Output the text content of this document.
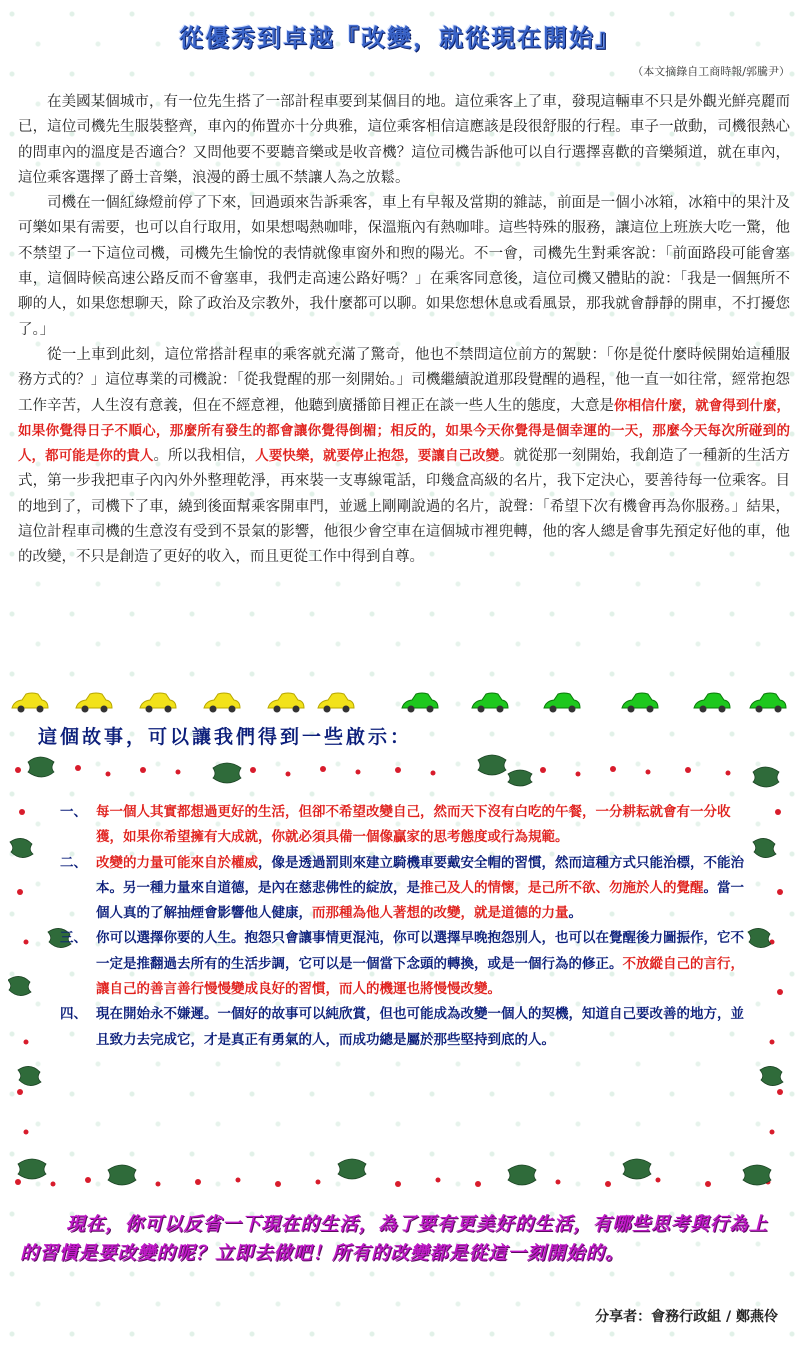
從優秀到卓越『改變，就從現在開始』
（本文摘錄自工商時報/郭騰尹）

在美國某個城市，有一位先生搭了一部計程車要到某個目的地。這位乘客上了車，發現這輛車不只是外觀光鮮亮麗而已，這位司機先生服裝整齊，車內的佈置亦十分典雅，這位乘客相信這應該是段很舒服的行程。車子一啟動，司機很熱心的問車內的溫度是否適合？又問他要不要聽音樂或是收音機？這位司機告訴他可以自行選擇喜歡的音樂頻道，就在車內，這位乘客選擇了爵士音樂，浪漫的爵士風不禁讓人為之放鬆。

司機在一個紅綠燈前停了下來，回過頭來告訴乘客，車上有早報及當期的雜誌，前面是一個小冰箱，冰箱中的果汁及可樂如果有需要，也可以自行取用，如果想喝熱咖啡，保溫瓶內有熱咖啡。這些特殊的服務，讓這位上班族大吃一驚，他不禁望了一下這位司機，司機先生愉悅的表情就像車窗外和煦的陽光。不一會，司機先生對乘客說：「前面路段可能會塞車，這個時候高速公路反而不會塞車，我們走高速公路好嗎？」在乘客同意後，這位司機又體貼的說：「我是一個無所不聊的人，如果您想聊天，除了政治及宗教外，我什麼都可以聊。如果您想休息或看風景，那我就會靜靜的開車，不打擾您了。」

從一上車到此刻，這位常搭計程車的乘客就充滿了驚奇，他也不禁問這位前方的駕駛：「你是從什麼時候開始這種服務方式的？」這位專業的司機說：「從我覺醒的那一刻開始。」司機繼續說道那段覺醒的過程，他一直一如往常，經常抱怨工作辛苦，人生沒有意義，但在不經意裡，他聽到廣播節目裡正在談一些人生的態度，大意是你相信什麼，就會得到什麼，如果你覺得日子不順心，那麼所有發生的都會讓你覺得倒楣；相反的，如果今天你覺得是個幸運的一天，那麼今天每次所碰到的人，都可能是你的貴人。所以我相信，人要快樂，就要停止抱怨，要讓自己改變。就從那一刻開始，我創造了一種新的生活方式，第一步我把車子內內外外整理乾淨，再來裝一支專線電話，印幾盒高級的名片，我下定決心，要善待每一位乘客。目的地到了，司機下了車，繞到後面幫乘客開車門，並遞上剛剛說過的名片，說聲：「希望下次有機會再為你服務。」結果，這位計程車司機的生意沒有受到不景氣的影響，他很少會空車在這個城市裡兜轉，他的客人總是會事先預定好他的車，他的改變，不只是創造了更好的收入，而且更從工作中得到自尊。

這個故事，可以讓我們得到一些啟示：
一、 每一個人其實都想過更好的生活，但卻不希望改變自己，然而天下沒有白吃的午餐，一分耕耘就會有一分收獲，如果你希望擁有大成就，你就必須具備一個像贏家的思考態度或行為規範。
二、 改變的力量可能來自於權威，像是透過罰則來建立騎機車要戴安全帽的習慣，然而這種方式只能治標，不能治本。另一種力量來自道德，是內在慈悲佛性的綻放，是推己及人的情懷，是己所不欲、勿施於人的覺醒。當一個人真的了解抽煙會影響他人健康，而那種為他人著想的改變，就是道德的力量。
三、 你可以選擇你要的人生。抱怨只會讓事情更混沌，你可以選擇早晚抱怨別人，也可以在覺醒後力圖振作，它不一定是推翻過去所有的生活步調，它可以是一個當下念頭的轉換，或是一個行為的修正。不放縱自己的言行，讓自己的善言善行慢慢變成良好的習慣，而人的機運也將慢慢改變。
四、 現在開始永不嫌遲。一個好的故事可以純欣賞，但也可能成為改變一個人的契機，知道自己要改善的地方，並且致力去完成它，才是真正有勇氣的人，而成功總是屬於那些堅持到底的人。

現在，你可以反省一下現在的生活，為了要有更美好的生活，有哪些思考與行為上的習慣是要改變的呢？立即去做吧！所有的改變都是從這一刻開始的。

分享者：會務行政組 / 鄭燕伶
